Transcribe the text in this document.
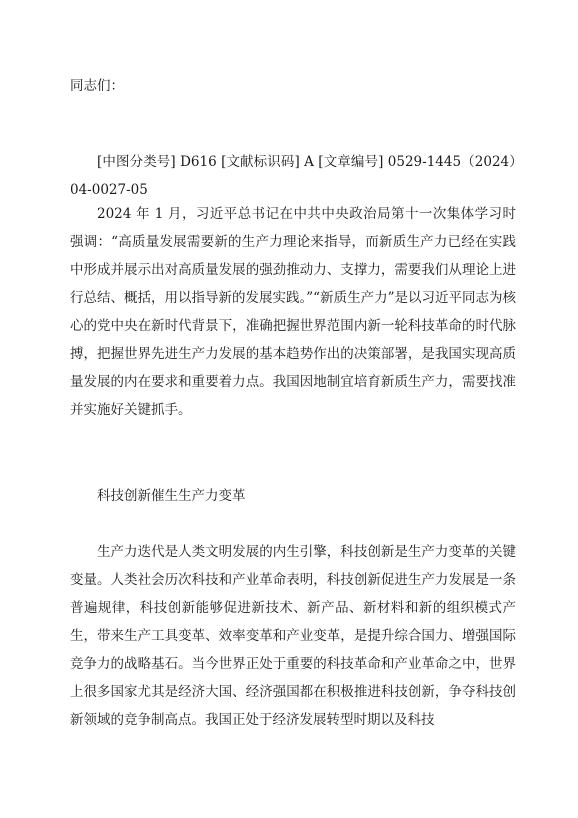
同志们：

[中图分类号] D616 [文献标识码] A [文章编号] 0529-1445（2024）04-0027-05

2024 年 1 月，习近平总书记在中共中央政治局第十一次集体学习时强调：“高质量发展需要新的生产力理论来指导，而新质生产力已经在实践中形成并展示出对高质量发展的强劲推动力、支撑力，需要我们从理论上进行总结、概括，用以指导新的发展实践。”“新质生产力”是以习近平同志为核心的党中央在新时代背景下，准确把握世界范围内新一轮科技革命的时代脉搏，把握世界先进生产力发展的基本趋势作出的决策部署，是我国实现高质量发展的内在要求和重要着力点。我国因地制宜培育新质生产力，需要找准并实施好关键抓手。

科技创新催生生产力变革

生产力迭代是人类文明发展的内生引擎，科技创新是生产力变革的关键变量。人类社会历次科技和产业革命表明，科技创新促进生产力发展是一条普遍规律，科技创新能够促进新技术、新产品、新材料和新的组织模式产生，带来生产工具变革、效率变革和产业变革，是提升综合国力、增强国际竞争力的战略基石。当今世界正处于重要的科技革命和产业革命之中，世界上很多国家尤其是经济大国、经济强国都在积极推进科技创新，争夺科技创新领域的竞争制高点。我国正处于经济发展转型时期以及科技
